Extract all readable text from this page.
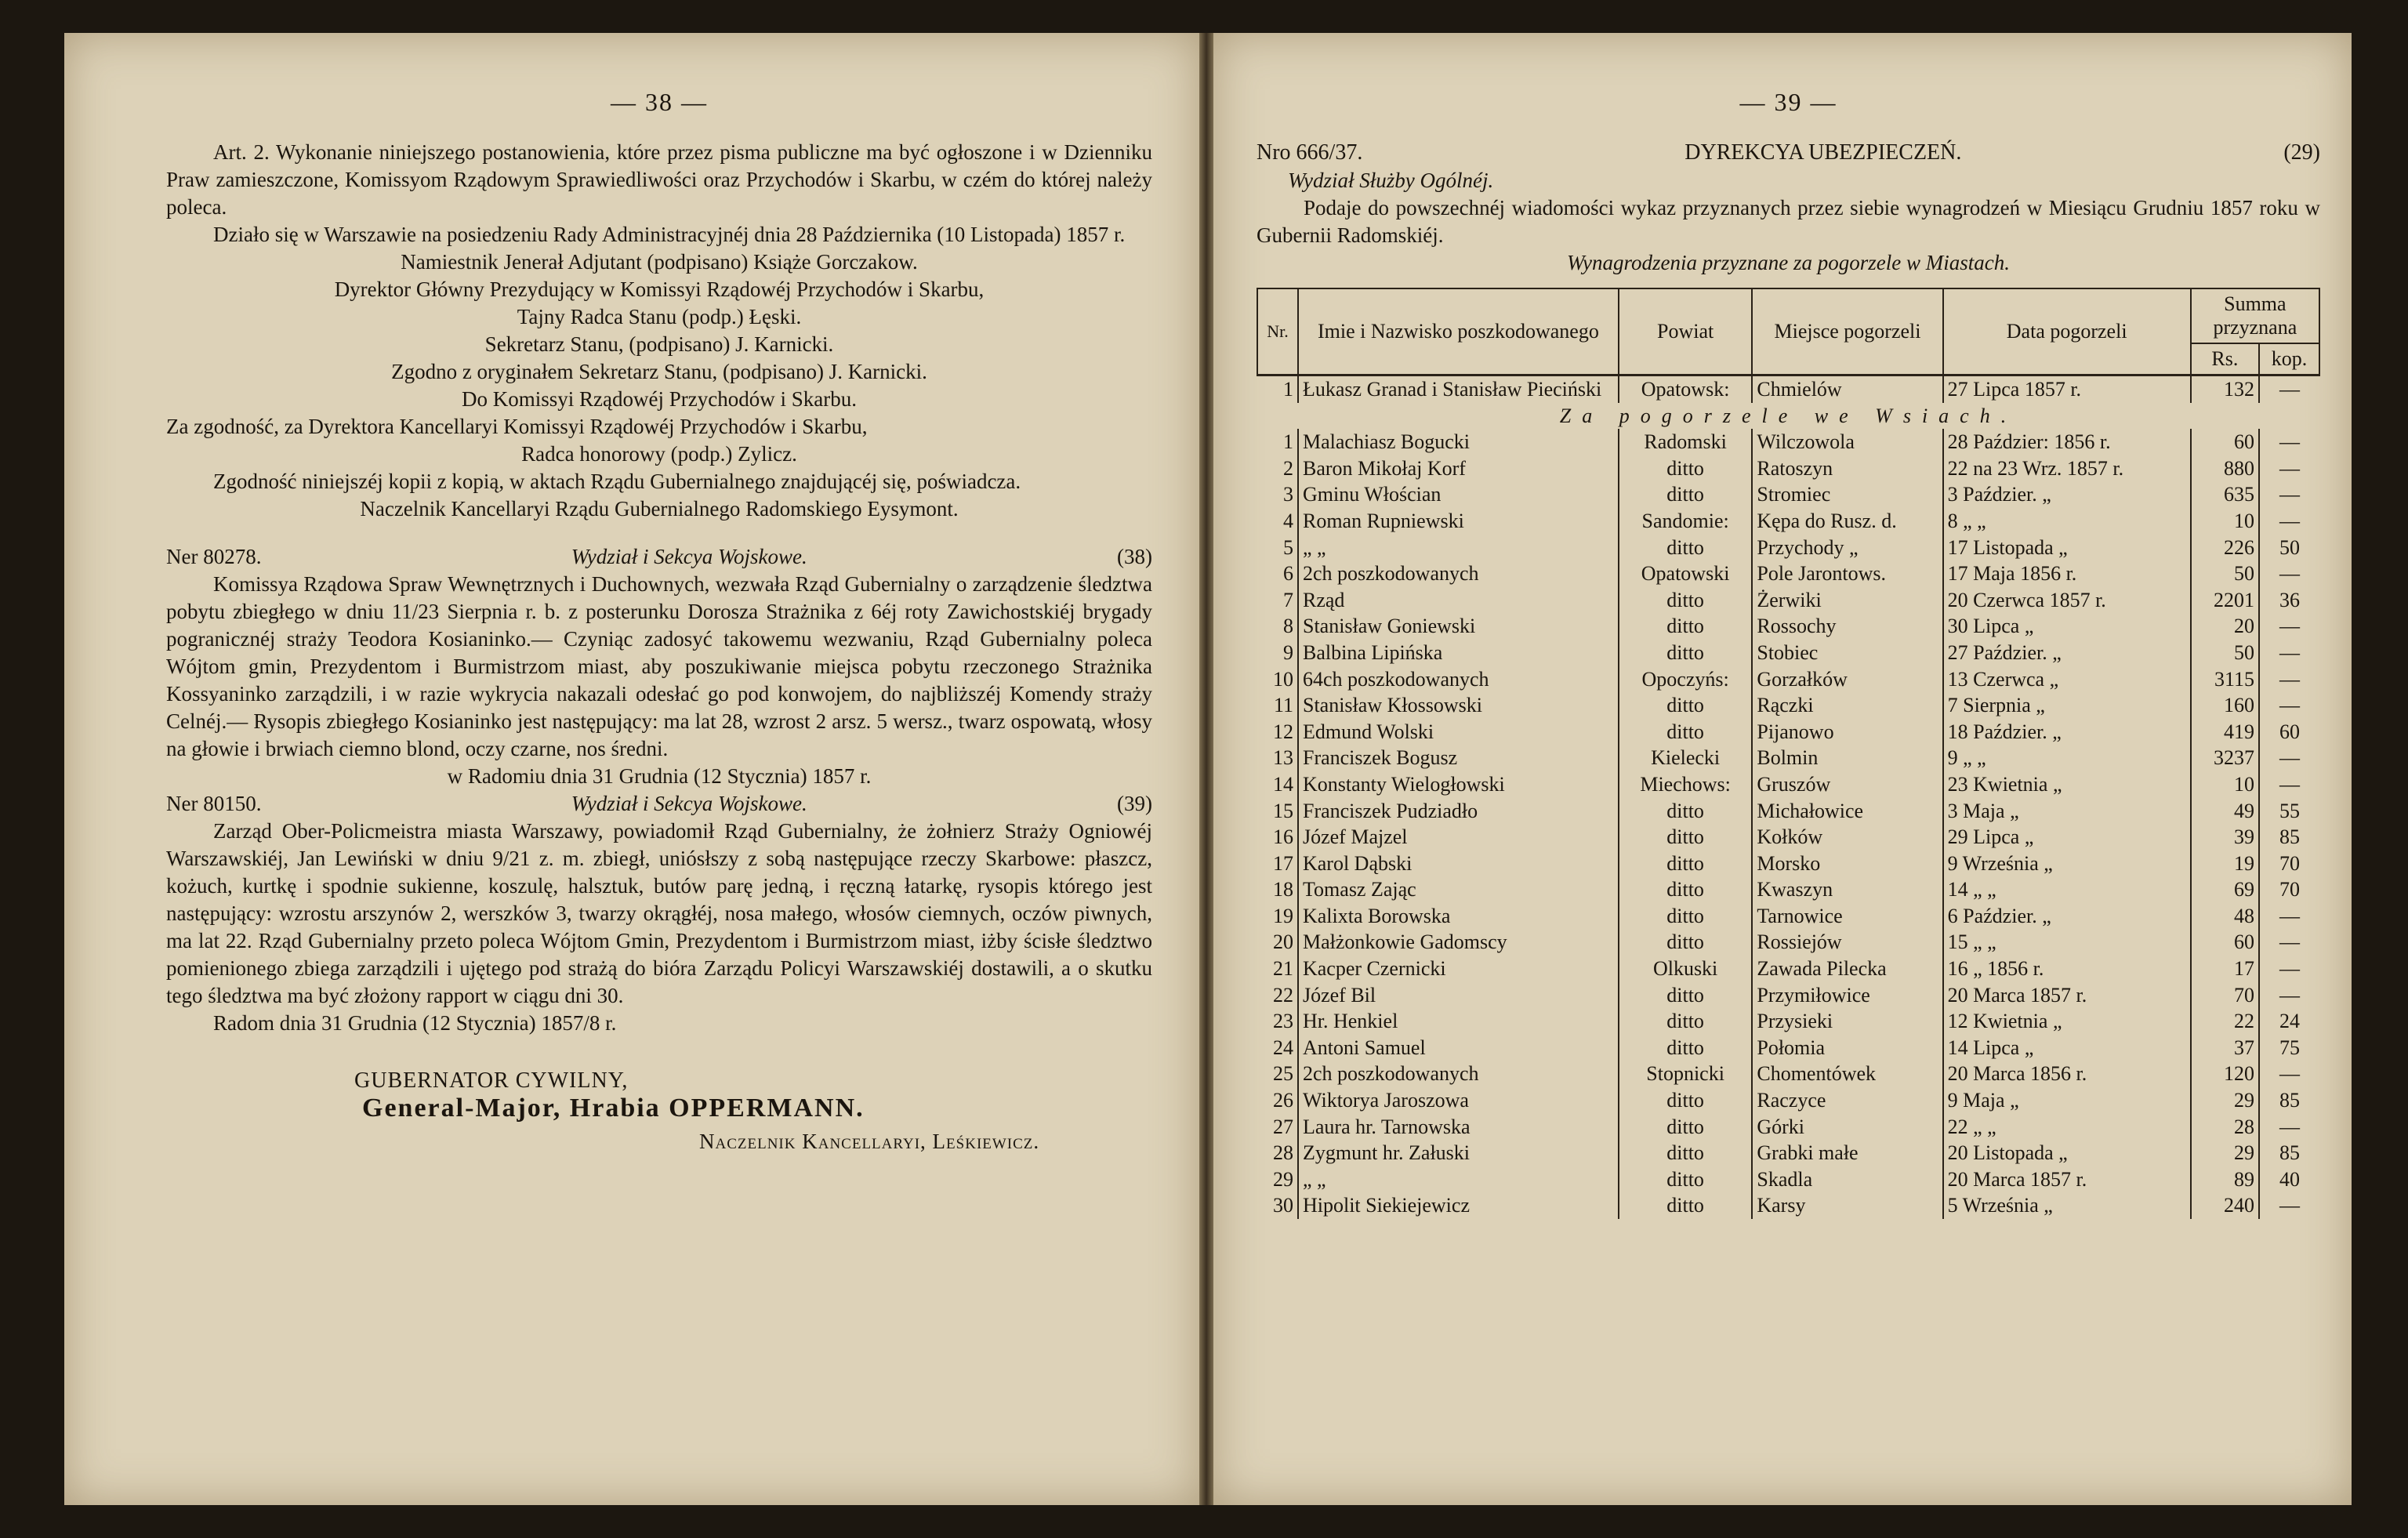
— 38 —

Art. 2. Wykonanie niniejszego postanowienia, które przez pisma publiczne ma być ogłoszone i w Dzienniku Praw zamieszczone, Komissyom Rządowym Sprawiedliwości oraz Przychodów i Skarbu, w czém do której należy poleca.

Działo się w Warszawie na posiedzeniu Rady Administracyjnéj dnia 28 Października (10 Listopada) 1857 r.

Namiestnik Jenerał Adjutant (podpisano) Książe Gorczakow.

Dyrektor Główny Prezydujący w Komissyi Rządowéj Przychodów i Skarbu,

Tajny Radca Stanu (podp.) Łęski.

Sekretarz Stanu, (podpisano) J. Karnicki.

Zgodno z oryginałem Sekretarz Stanu, (podpisano) J. Karnicki.

Do Komissyi Rządowéj Przychodów i Skarbu.

Za zgodność, za Dyrektora Kancellaryi Komissyi Rządowéj Przychodów i Skarbu,

Radca honorowy (podp.) Zylicz.

Zgodność niniejszéj kopii z kopią, w aktach Rządu Gubernialnego znajdującéj się, poświadcza.

Naczelnik Kancellaryi Rządu Gubernialnego Radomskiego Eysymont.

Ner 80278.	Wydział i Sekcya Wojskowe.	(38)

Komissya Rządowa Spraw Wewnętrznych i Duchownych, wezwała Rząd Gubernialny o zarządzenie śledztwa pobytu zbiegłego w dniu 11/23 Sierpnia r. b. z posterunku Dorosza Strażnika z 6éj roty Zawichostskiéj brygady pogranicznéj straży Teodora Kosianinko.— Czyniąc zadosyć takowemu wezwaniu, Rząd Gubernialny poleca Wójtom gmin, Prezydentom i Burmistrzom miast, aby poszukiwanie miejsca pobytu rzeczonego Strażnika Kossyaninko zarządzili, i w razie wykrycia nakazali odesłać go pod konwojem, do najbliższéj Komendy straży Celnéj.— Rysopis zbiegłego Kosianinko jest następujący: ma lat 28, wzrost 2 arsz. 5 wersz., twarz ospowatą, włosy na głowie i brwiach ciemno blond, oczy czarne, nos średni.

w Radomiu dnia 31 Grudnia (12 Stycznia) 1857 r.

Ner 80150.	Wydział i Sekcya Wojskowe.	(39)

Zarząd Ober-Policmeistra miasta Warszawy, powiadomił Rząd Gubernialny, że żołnierz Straży Ogniowéj Warszawskiéj, Jan Lewiński w dniu 9/21 z. m. zbiegł, uniósłszy z sobą następujące rzeczy Skarbowe: płaszcz, kożuch, kurtkę i spodnie sukienne, koszulę, halsztuk, butów parę jedną, i ręczną łatarkę, rysopis którego jest następujący: wzrostu arszynów 2, werszków 3, twarzy okrągłéj, nosa małego, włosów ciemnych, oczów piwnych, ma lat 22. Rząd Gubernialny przeto poleca Wójtom Gmin, Prezydentom i Burmistrzom miast, iżby ścisłe śledztwo pomienionego zbiega zarządzili i ujętego pod strażą do bióra Zarządu Policyi Warszawskiéj dostawili, a o skutku tego śledztwa ma być złożony rapport w ciągu dni 30.

Radom dnia 31 Grudnia (12 Stycznia) 1857/8 r.

GUBERNATOR CYWILNY,
General-Major, Hrabia OPPERMANN.
Naczelnik Kancellaryi, Leśkiewicz.
— 39 —
Nro 666/37.	DYREKCYA UBEZPIECZEŃ.	(29)

Wydział Służby Ogólnéj.

Podaje do powszechnéj wiadomości wykaz przyznanych przez siebie wynagrodzeń w Miesiącu Grudniu 1857 roku w Gubernii Radomskiéj.

Wynagrodzenia przyznane za pogorzele w Miastach.

Nr.	Imie i Nazwisko poszkodowanego	Powiat	Miejsce pogorzeli	Data pogorzeli	Summa przyznana	
					Rs.	kop.
1	Łukasz Granad i Stanisław Pieciński	Opatowsk:	Chmielów	27 Lipca 1857 r.	132	—
Za pogorzele we Wsiach.						
1	Malachiasz Bogucki	Radomski	Wilczowola	28 Paździer: 1856 r.	60	—
2	Baron Mikołaj Korf	ditto	Ratoszyn	22 na 23 Wrz. 1857 r.	880	—
3	Gminu Włościan	ditto	Stromiec	3 Paździer. „	635	—
4	Roman Rupniewski	Sandomie:	Kępa do Rusz. d.	8 „ „	10	—
5	„ „	ditto	Przychody „	17 Listopada „	226	50
6	2ch poszkodowanych	Opatowski	Pole Jarontows.	17 Maja 1856 r.	50	—
7	Rząd	ditto	Żerwiki	20 Czerwca 1857 r.	2201	36
8	Stanisław Goniewski	ditto	Rossochy	30 Lipca „	20	—
9	Balbina Lipińska	ditto	Stobiec	27 Paździer. „	50	—
10	64ch poszkodowanych	Opoczyńs:	Gorzałków	13 Czerwca „	3115	—
11	Stanisław Kłossowski	ditto	Rączki	7 Sierpnia „	160	—
12	Edmund Wolski	ditto	Pijanowo	18 Paździer. „	419	60
13	Franciszek Bogusz	Kielecki	Bolmin	9 „ „	3237	—
14	Konstanty Wielogłowski	Miechows:	Gruszów	23 Kwietnia „	10	—
15	Franciszek Pudziadło	ditto	Michałowice	3 Maja „	49	55
16	Józef Majzel	ditto	Kołków	29 Lipca „	39	85
17	Karol Dąbski	ditto	Morsko	9 Września „	19	70
18	Tomasz Zając	ditto	Kwaszyn	14 „ „	69	70
19	Kalixta Borowska	ditto	Tarnowice	6 Paździer. „	48	—
20	Małżonkowie Gadomscy	ditto	Rossiejów	15 „ „	60	—
21	Kacper Czernicki	Olkuski	Zawada Pilecka	16 „ 1856 r.	17	—
22	Józef Bil	ditto	Przymiłowice	20 Marca 1857 r.	70	—
23	Hr. Henkiel	ditto	Przysieki	12 Kwietnia „	22	24
24	Antoni Samuel	ditto	Połomia	14 Lipca „	37	75
25	2ch poszkodowanych	Stopnicki	Chomentówek	20 Marca 1856 r.	120	—
26	Wiktorya Jaroszowa	ditto	Raczyce	9 Maja „	29	85
27	Laura hr. Tarnowska	ditto	Górki	22 „ „	28	—
28	Zygmunt hr. Załuski	ditto	Grabki małe	20 Listopada „	29	85
29	„ „	ditto	Skadla	20 Marca 1857 r.	89	40
30	Hipolit Siekiejewicz	ditto	Karsy	5 Września „	240	—
